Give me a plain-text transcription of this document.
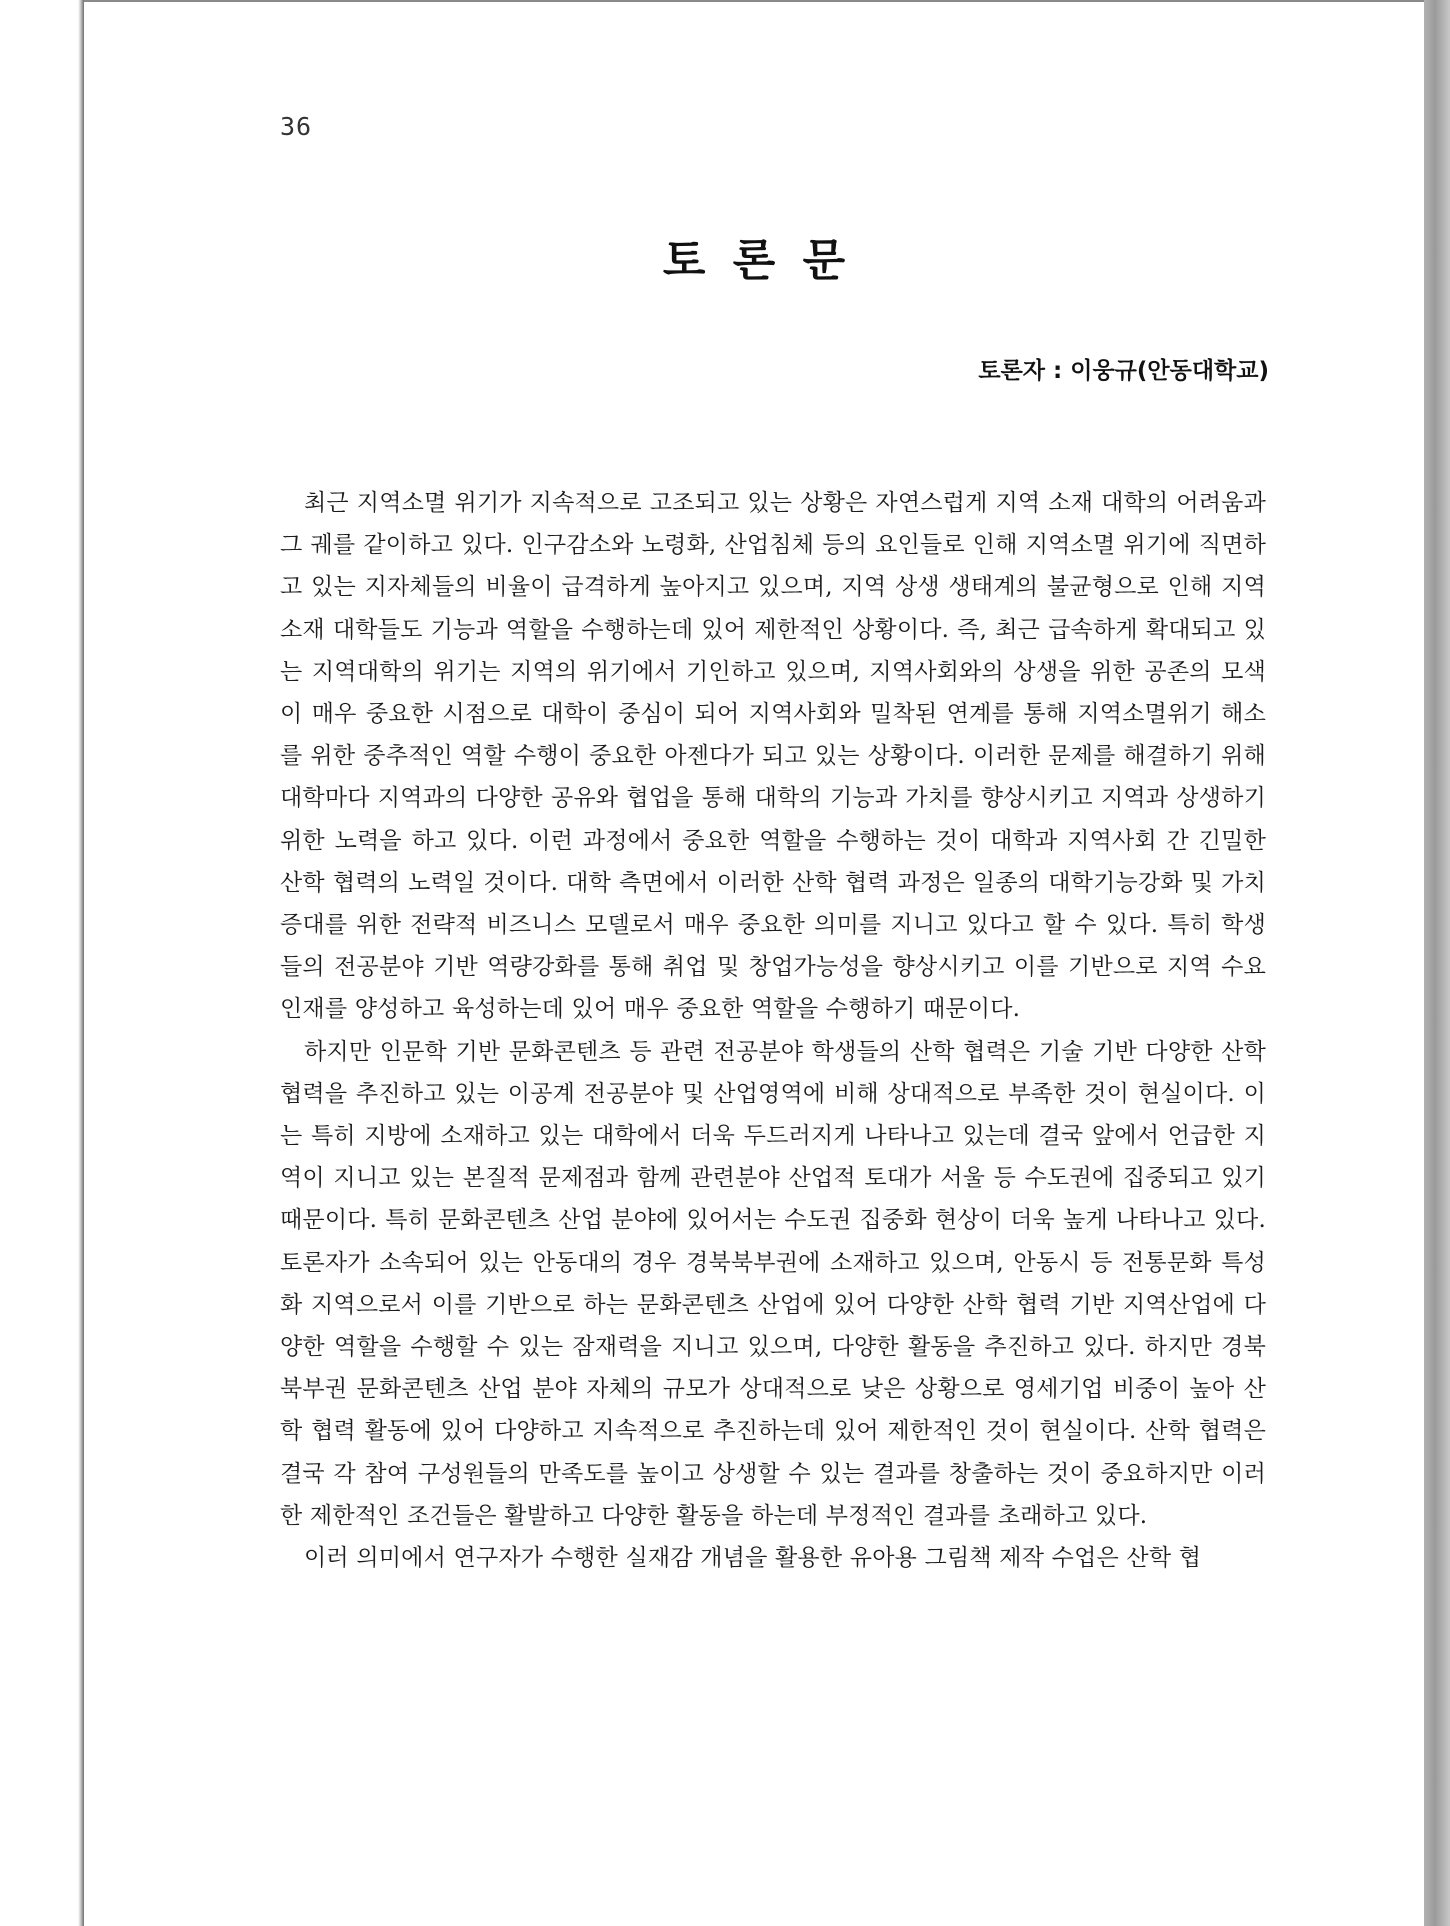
36
토 론 문
토론자 : 이웅규(안동대학교)

최근 지역소멸 위기가 지속적으로 고조되고 있는 상황은 자연스럽게 지역 소재 대학의 어려움과 그 궤를 같이하고 있다. 인구감소와 노령화, 산업침체 등의 요인들로 인해 지역소멸 위기에 직면하고 있는 지자체들의 비율이 급격하게 높아지고 있으며, 지역 상생 생태계의 불균형으로 인해 지역 소재 대학들도 기능과 역할을 수행하는데 있어 제한적인 상황이다. 즉, 최근 급속하게 확대되고 있는 지역대학의 위기는 지역의 위기에서 기인하고 있으며, 지역사회와의 상생을 위한 공존의 모색이 매우 중요한 시점으로 대학이 중심이 되어 지역사회와 밀착된 연계를 통해 지역소멸위기 해소를 위한 중추적인 역할 수행이 중요한 아젠다가 되고 있는 상황이다. 이러한 문제를 해결하기 위해 대학마다 지역과의 다양한 공유와 협업을 통해 대학의 기능과 가치를 향상시키고 지역과 상생하기 위한 노력을 하고 있다. 이런 과정에서 중요한 역할을 수행하는 것이 대학과 지역사회 간 긴밀한 산학 협력의 노력일 것이다. 대학 측면에서 이러한 산학 협력 과정은 일종의 대학기능강화 및 가치증대를 위한 전략적 비즈니스 모델로서 매우 중요한 의미를 지니고 있다고 할 수 있다. 특히 학생들의 전공분야 기반 역량강화를 통해 취업 및 창업가능성을 향상시키고 이를 기반으로 지역 수요 인재를 양성하고 육성하는데 있어 매우 중요한 역할을 수행하기 때문이다.

하지만 인문학 기반 문화콘텐츠 등 관련 전공분야 학생들의 산학 협력은 기술 기반 다양한 산학 협력을 추진하고 있는 이공계 전공분야 및 산업영역에 비해 상대적으로 부족한 것이 현실이다. 이는 특히 지방에 소재하고 있는 대학에서 더욱 두드러지게 나타나고 있는데 결국 앞에서 언급한 지역이 지니고 있는 본질적 문제점과 함께 관련분야 산업적 토대가 서울 등 수도권에 집중되고 있기 때문이다. 특히 문화콘텐츠 산업 분야에 있어서는 수도권 집중화 현상이 더욱 높게 나타나고 있다. 토론자가 소속되어 있는 안동대의 경우 경북북부권에 소재하고 있으며, 안동시 등 전통문화 특성화 지역으로서 이를 기반으로 하는 문화콘텐츠 산업에 있어 다양한 산학 협력 기반 지역산업에 다양한 역할을 수행할 수 있는 잠재력을 지니고 있으며, 다양한 활동을 추진하고 있다. 하지만 경북북부권 문화콘텐츠 산업 분야 자체의 규모가 상대적으로 낮은 상황으로 영세기업 비중이 높아 산학 협력 활동에 있어 다양하고 지속적으로 추진하는데 있어 제한적인 것이 현실이다. 산학 협력은 결국 각 참여 구성원들의 만족도를 높이고 상생할 수 있는 결과를 창출하는 것이 중요하지만 이러한 제한적인 조건들은 활발하고 다양한 활동을 하는데 부정적인 결과를 초래하고 있다.

이러 의미에서 연구자가 수행한 실재감 개념을 활용한 유아용 그림책 제작 수업은 산학 협
